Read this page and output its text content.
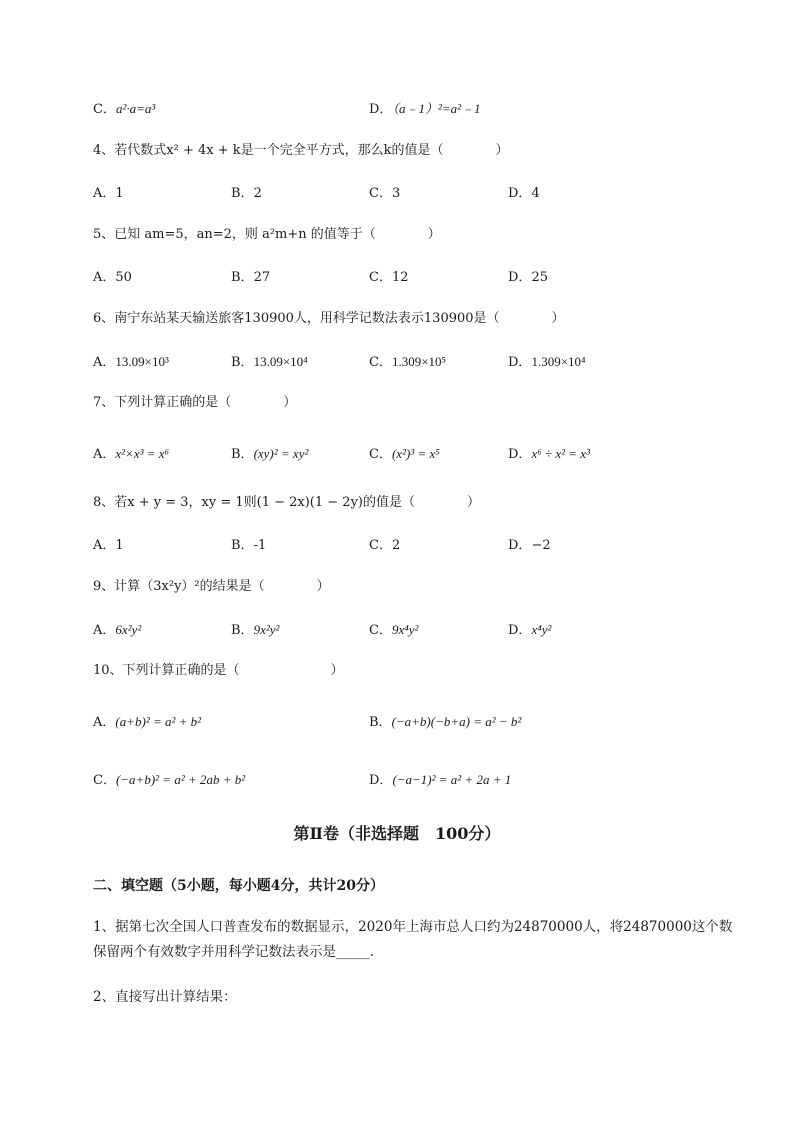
C．a²·a=a³	D．（a﹣1）²=a²﹣1
4、若代数式x² + 4x + k是一个完全平方式，那么k的值是（　　　　）
A．1	B．2	C．3	D．4
5、已知 am=5，an=2，则 a²m+n 的值等于（　　　　）
A．50	B．27	C．12	D．25
6、南宁东站某天输送旅客130900人，用科学记数法表示130900是（　　　　）
A．13.09×10³	B．13.09×10⁴	C．1.309×10⁵	D．1.309×10⁴
7、下列计算正确的是（　　　　）
A．x²×x³ = x⁶	B．(xy)² = xy²	C．(x²)³ = x⁵	D．x⁶ ÷ x² = x³
8、若x + y = 3，xy = 1则(1 − 2x)(1 − 2y)的值是（　　　　）
A．1	B．-1	C．2	D．−2
9、计算（3x²y）²的结果是（　　　　）
A．6x²y²	B．9x²y²	C．9x⁴y²	D．x⁴y²
10、下列计算正确的是（　　　　　　　）
A．(a+b)² = a² + b²	B．(−a+b)(−b+a) = a² − b²
C．(−a+b)² = a² + 2ab + b²	D．(−a−1)² = a² + 2a + 1
第Ⅱ卷（非选择题　100分）
二、填空题（5小题，每小题4分，共计20分）
1、据第七次全国人口普查发布的数据显示，2020年上海市总人口约为24870000人，将24870000这个数保留两个有效数字并用科学记数法表示是_____.
2、直接写出计算结果：
